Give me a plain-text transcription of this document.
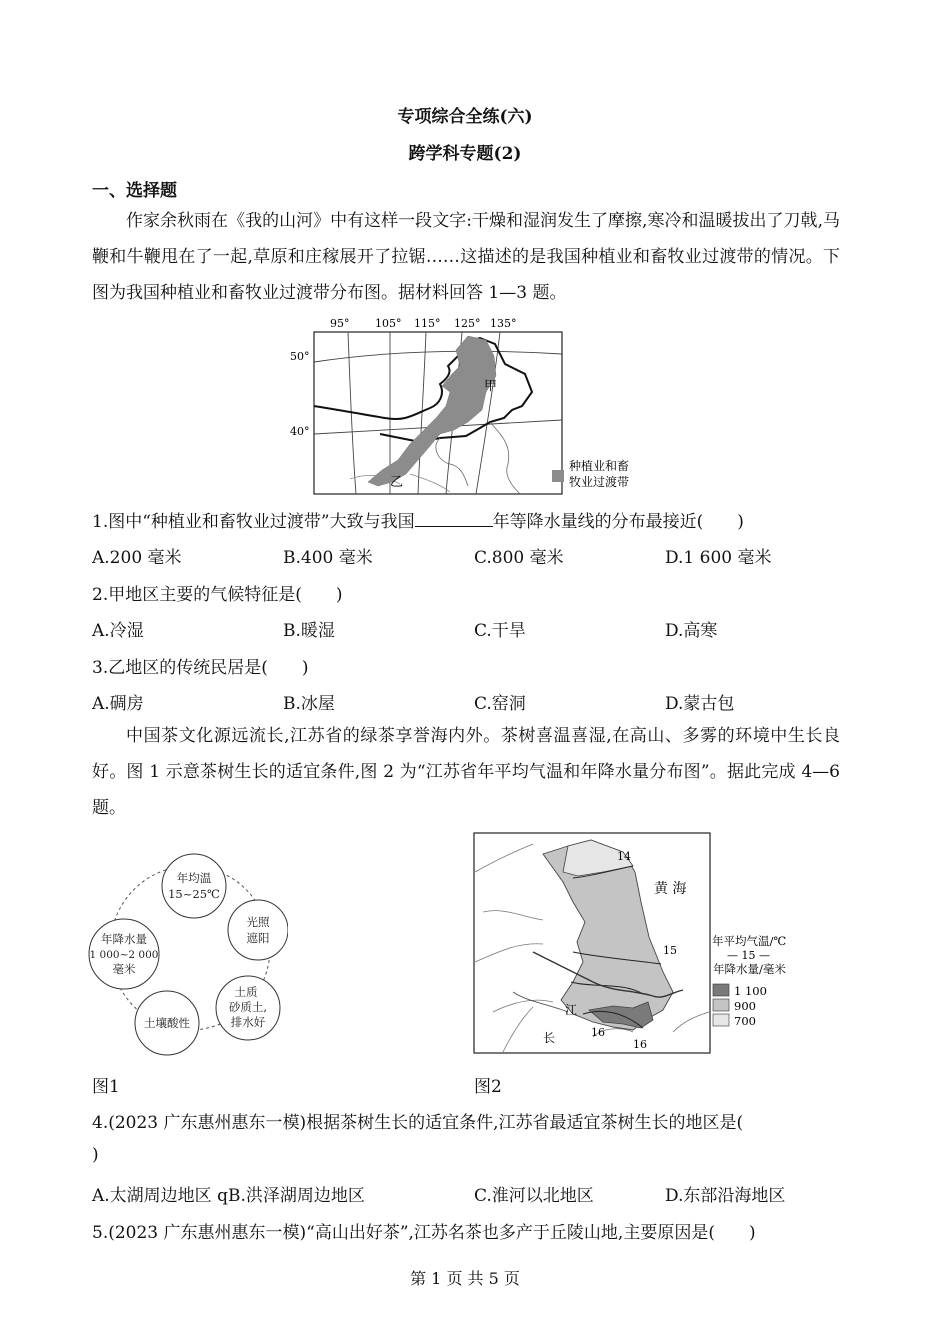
专项综合全练(六)
跨学科专题(2)
一、选择题
作家余秋雨在《我的山河》中有这样一段文字:干燥和湿润发生了摩擦,寒冷和温暖拔出了刀戟,马鞭和牛鞭甩在了一起,草原和庄稼展开了拉锯……这描述的是我国种植业和畜牧业过渡带的情况。下图为我国种植业和畜牧业过渡带分布图。据材料回答 1—3 题。
95° 105° 115° 125° 135°
50°
40°
甲
乙
种植业和畜
牧业过渡带
1.图中“种植业和畜牧业过渡带”大致与我国	年等降水量线的分布最接近(　　)
A.200 毫米	B.400 毫米	C.800 毫米	D.1 600 毫米
2.甲地区主要的气候特征是(　　)
A.冷湿	B.暖湿	C.干旱	D.高寒
3.乙地区的传统民居是(　　)
A.碉房	B.冰屋	C.窑洞	D.蒙古包
中国茶文化源远流长,江苏省的绿茶享誉海内外。茶树喜温喜湿,在高山、多雾的环境中生长良好。图 1 示意茶树生长的适宜条件,图 2 为“江苏省年平均气温和年降水量分布图”。据此完成 4—6 题。
年均温
15~25℃
光照
遮阳
土质
砂质土,
排水好
土壤酸性
年降水量
1 000~2 000
毫米
黄 海
14
15
16
16
江
长
年平均气温/℃
— 15 —
年降水量/毫米
1 100
900
700
图1	图2
4.(2023 广东惠州惠东一模)根据茶树生长的适宜条件,江苏省最适宜茶树生长的地区是(
)
A.太湖周边地区 qB.洪泽湖周边地区	C.淮河以北地区	D.东部沿海地区
5.(2023 广东惠州惠东一模)“高山出好茶”,江苏名茶也多产于丘陵山地,主要原因是(　　)
第 1 页 共 5 页
